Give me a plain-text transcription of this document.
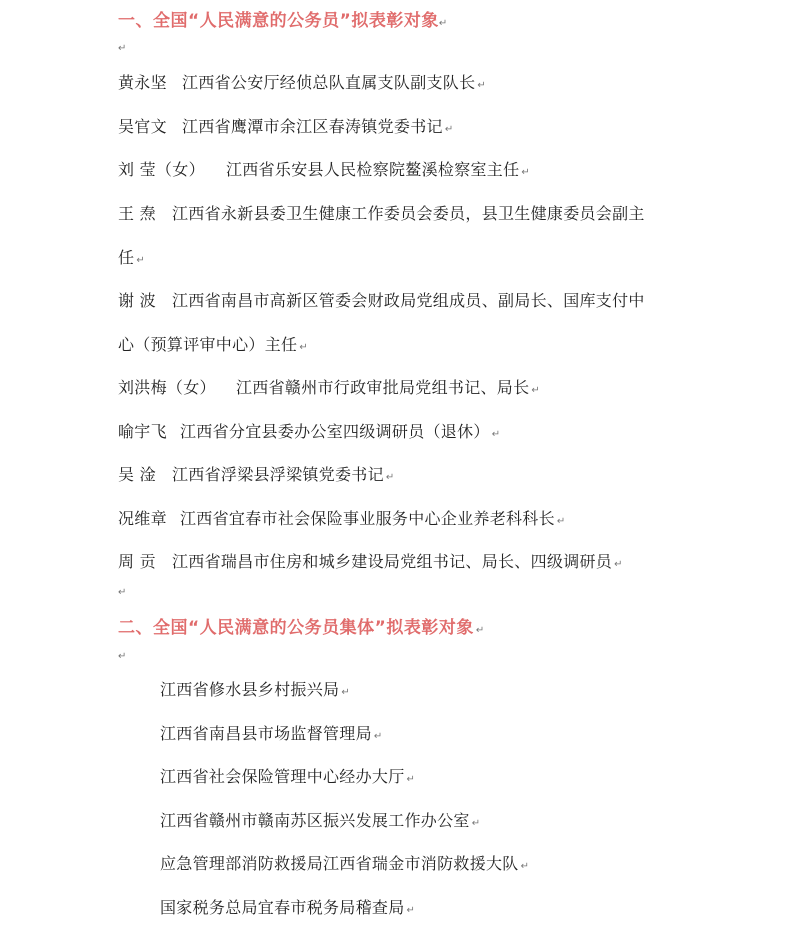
一、全国“人民满意的公务员”拟表彰对象↵
↵
黄永坚 江西省公安厅经侦总队直属支队副支队长 ↵
吴官文 江西省鹰潭市余江区春涛镇党委书记 ↵
刘 莹（女） 江西省乐安县人民检察院鳌溪检察室主任 ↵
王 焘 江西省永新县委卫生健康工作委员会委员，县卫生健康委员会副主
任 ↵
谢 波 江西省南昌市高新区管委会财政局党组成员、副局长、国库支付中
心（预算评审中心）主任 ↵
刘洪梅（女） 江西省赣州市行政审批局党组书记、局长 ↵
喻宇飞 江西省分宜县委办公室四级调研员（退休） ↵
吴 淦 江西省浮梁县浮梁镇党委书记 ↵
况维章 江西省宜春市社会保险事业服务中心企业养老科科长 ↵
周 贡 江西省瑞昌市住房和城乡建设局党组书记、局长、四级调研员 ↵
↵
二、全国“人民满意的公务员集体”拟表彰对象 ↵
↵
江西省修水县乡村振兴局 ↵
江西省南昌县市场监督管理局 ↵
江西省社会保险管理中心经办大厅 ↵
江西省赣州市赣南苏区振兴发展工作办公室 ↵
应急管理部消防救援局江西省瑞金市消防救援大队 ↵
国家税务总局宜春市税务局稽查局 ↵
